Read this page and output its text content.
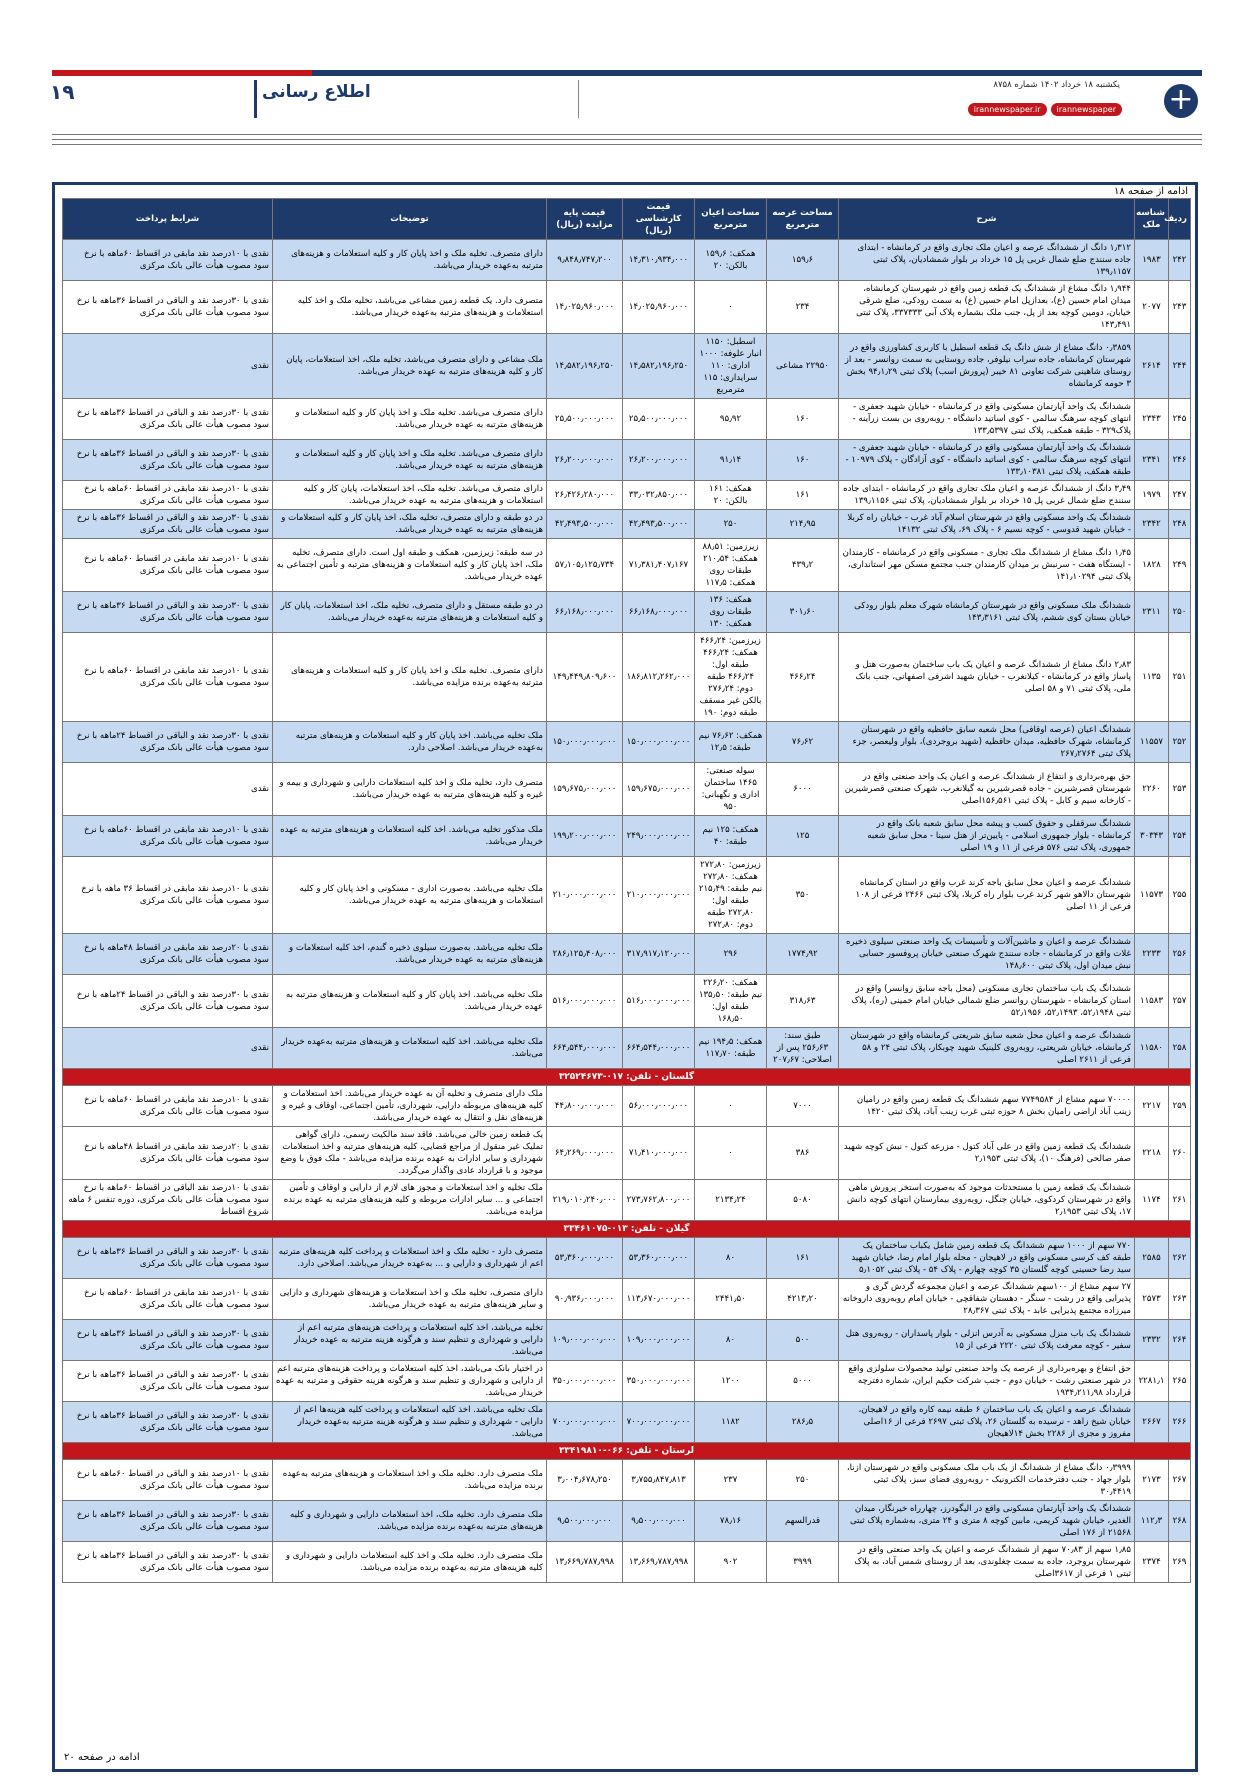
۱۹	اطلاع رسانی	یکشنبه ۱۸ خرداد ۱۴۰۲ شماره ۸۷۵۸
irannewspaper.ir	irannewspaper +
ادامه از صفحه ۱۸
ردیف	شناسه ملک	شرح	مساحت عرصه مترمربع	مساحت اعیان مترمربع	قیمت کارشناسی (ریال)	قیمت پایه مزایده (ریال)	توضیحات	شرایط پرداخت
۲۴۲	۱۹۸۳	۱٫۳۱۲ دانگ از ششدانگ عرصه و اعیان ملک تجاری واقع در کرمانشاه - ابتدای جاده سنندج ضلع شمال غربی پل ۱۵ خرداد بر بلوار شمشادیان، پلاک ثبتی ۱۳۹٫۱۱۵۷	۱۵۹٫۶	همکف: ۱۵۹٫۶ بالکن: ۲۰	۱۴٫۳۱۰٫۹۳۴٫۰۰۰	۹٫۸۴۸٫۷۴۷٫۲۰۰	دارای متصرف. تخلیه ملک و اخذ پایان کار و کلیه استعلامات و هزینه‌های مترتبه به‌عهده خریدار می‌باشد.	نقدی با ۱۰درصد نقد مابقی در اقساط ۶۰ماهه با نرخ سود مصوب هیأت عالی بانک مرکزی
۲۴۳	۲۰۷۷	۱٫۹۴۴ دانگ مشاع از ششدانگ یک قطعه زمین واقع در شهرستان کرمانشاه، میدان امام حسین (ع)، بعدازپل امام حسین (ع) به سمت رودکی، ضلع شرقی خیابان، دومین کوچه بعد از پل، جنب ملک بشماره پلاک آبی ۳۳۷۳۳۳، پلاک ثبتی ۱۴۳٫۴۹۱	۲۳۴	۰	۱۴٫۰۲۵٫۹۶۰٫۰۰۰	۱۴٫۰۲۵٫۹۶۰٫۰۰۰	متصرف دارد. یک قطعه زمین مشاعی می‌باشد، تخلیه ملک و اخذ کلیه استعلامات و هزینه‌های مترتبه به‌عهده خریدار می‌باشد.	نقدی با ۳۰درصد نقد و الباقی در اقساط ۳۶ماهه با نرخ سود مصوب هیأت عالی بانک مرکزی
۲۴۴	۲۶۱۴	۰٫۳۸۵۹ دانگ مشاع از شش دانگ یک قطعه اسطبل با کاربری کشاورزی واقع در شهرستان کرمانشاه، جاده سراب نیلوفر، جاده روستایی به سمت روانسر - بعد از روستای شاهینی شرکت تعاونی ۸۱ خیبر (پرورش اسب) پلاک ثبتی ۹۴٫۱٫۲۹ بخش ۳ حومه کرمانشاه	۲۲۹۵۰ مشاعی	اسطبل: ۱۱۵۰ انبار علوفه: ۱۰۰۰ اداری: ۱۱۰ سرایداری: ۱۱۵ مترمربع	۱۴٫۵۸۲٫۱۹۶٫۲۵۰	۱۴٫۵۸۲٫۱۹۶٫۲۵۰	ملک مشاعی و دارای متصرف می‌باشد، تخلیه ملک، اخذ استعلامات، پایان کار و کلیه هزینه‌های مترتبه به عهده خریدار می‌باشد.	نقدی
۲۴۵	۲۳۴۳	ششدانگ یک واحد آپارتمان مسکونی واقع در کرمانشاه - خیابان شهید جعفری - انتهای کوچه سرهنگ سالمی - کوی اساتید دانشگاه - روبه‌روی بن بست زرآینه - پلاک۳۲۹ - طبقه همکف، پلاک ثبتی ۱۳۳٫۵۳۹۷	۱۶۰	۹۵٫۹۲	۲۵٫۵۰۰٫۰۰۰٫۰۰۰	۲۵٫۵۰۰٫۰۰۰٫۰۰۰	دارای متصرف می‌باشد. تخلیه ملک و اخذ پایان کار و کلیه استعلامات و هزینه‌های مترتبه به عهده خریدار می‌باشد.	نقدی با ۳۰درصد نقد و الباقی در اقساط ۳۶ماهه با نرخ سود مصوب هیأت عالی بانک مرکزی
۲۴۶	۲۳۴۱	ششدانگ یک واحد آپارتمان مسکونی واقع در کرمانشاه - خیابان شهید جعفری - انتهای کوچه سرهنگ سالمی - کوی اساتید دانشگاه - کوی آزادگان - پلاک ۱۰۹۷۹ - طبقه همکف، پلاک ثبتی ۱۳۳٫۱۰۳۸۱	۱۶۰	۹۱٫۱۴	۲۶٫۲۰۰٫۰۰۰٫۰۰۰	۲۶٫۲۰۰٫۰۰۰٫۰۰۰	دارای متصرف می‌باشد. تخلیه ملک و اخذ پایان کار و کلیه استعلامات و هزینه‌های مترتبه به عهده خریدار می‌باشد.	نقدی با ۳۰درصد نقد و الباقی در اقساط ۳۶ماهه با نرخ سود مصوب هیأت عالی بانک مرکزی
۲۴۷	۱۹۷۹	۳٫۴۹ دانگ از ششدانگ عرصه و اعیان ملک تجاری واقع در کرمانشاه - ابتدای جاده سنندج ضلع شمال غربی پل ۱۵ خرداد بر بلوار شمشادیان، پلاک ثبتی ۱۳۹٫۱۱۵۶	۱۶۱	همکف: ۱۶۱ بالکن: ۲۰	۳۳٫۰۳۲٫۸۵۰٫۰۰۰	۲۶٫۴۲۶٫۲۸۰٫۰۰۰	دارای متصرف می‌باشد. تخلیه ملک، اخذ استعلامات، پایان کار و کلیه استعلامات و هزینه‌های مترتبه به عهده خریدار می‌باشد.	نقدی با ۱۰درصد نقد مابقی در اقساط ۶۰ماهه با نرخ سود مصوب هیأت عالی بانک مرکزی
۲۴۸	۲۳۴۲	ششدانگ یک واحد مسکونی واقع در شهرستان اسلام آباد غرب - خیابان راه کربلا - خیابان شهید قدوسی - کوچه نسیم ۶ - پلاک ۶۹، پلاک ثبتی ۱۴۱۳۲	۲۱۴٫۹۵	۲۵۰	۴۲٫۴۹۳٫۵۰۰٫۰۰۰	۴۲٫۴۹۳٫۵۰۰٫۰۰۰	در دو طبقه و دارای متصرف، تخلیه ملک، اخذ پایان کار و کلیه استعلامات و هزینه‌های مترتبه به عهده خریدار می‌باشد.	نقدی با ۳۰درصد نقد و الباقی در اقساط ۳۶ماهه با نرخ سود مصوب هیأت عالی بانک مرکزی
۲۴۹	۱۸۲۸	۱٫۴۵ دانگ مشاع از ششدانگ ملک تجاری - مسکونی واقع در کرمانشاه - کارمندان - ایستگاه هفت - سرنبش بر میدان کارمندان جنب مجتمع مسکن مهر استانداری، پلاک ثبتی ۱۴۱٫۱۰۲۹۴	۴۳۹٫۲	زیرزمین: ۸۸٫۵۱ همکف: ۲۱۰٫۵۴ طبقات روی همکف: ۱۱۷٫۵	۷۱٫۳۸۱٫۴۰۷٫۱۶۷	۵۷٫۱۰۵٫۱۲۵٫۷۳۴	در سه طبقه: زیرزمین، همکف و طبقه اول است. دارای متصرف، تخلیه ملک، اخذ پایان کار و کلیه استعلامات و هزینه‌های مترتبه و تأمین اجتماعی به عهده خریدار می‌باشد.	نقدی با ۱۰درصد نقد مابقی در اقساط ۶۰ماهه با نرخ سود مصوب هیأت عالی بانک مرکزی
۲۵۰	۲۳۱۱	ششدانگ ملک مسکونی واقع در شهرستان کرمانشاه شهرک معلم بلوار رودکی خیابان بستان کوی ششم، پلاک ثبتی ۱۴۳٫۳۱۶۱	۳۰۱٫۶۰	همکف: ۱۳۶ طبقات روی همکف: ۱۳۰	۶۶٫۱۶۸٫۰۰۰٫۰۰۰	۶۶٫۱۶۸٫۰۰۰٫۰۰۰	در دو طبقه مستقل و دارای متصرف، تخلیه ملک، اخذ استعلامات، پایان کار و کلیه استعلامات و هزینه‌های مترتبه به‌عهده خریدار می‌باشد.	نقدی با ۳۰درصد نقد و الباقی در اقساط ۳۶ماهه با نرخ سود مصوب هیأت عالی بانک مرکزی
۲۵۱	۱۱۳۵	۲٫۸۳ دانگ مشاع از ششدانگ عرصه و اعیان یک باب ساختمان به‌صورت هتل و پاساژ واقع در کرمانشاه - کیلانغرب - خیابان شهید اشرفی اصفهانی، جنب بانک ملی، پلاک ثبتی ۷۱ و ۵۸ اصلی	۴۶۶٫۲۴	زیرزمین: ۴۶۶٫۲۴ همکف: ۴۶۶٫۲۴ طبقه اول: ۴۶۶٫۲۴ طبقه دوم: ۲۷۶٫۲۴ بالکن غیر مسقف طبقه دوم: ۱۹۰	۱۸۶٫۸۱۲٫۲۶۲٫۰۰۰	۱۴۹٫۴۴۹٫۸۰۹٫۶۰۰	دارای متصرف. تخلیه ملک و اخذ پایان کار و کلیه استعلامات و هزینه‌های مترتبه به‌عهده برنده مزایده می‌باشد.	نقدی با ۱۰درصد نقد مابقی در اقساط ۶۰ماهه با نرخ سود مصوب هیأت عالی بانک مرکزی
۲۵۲	۱۱۵۵۷	ششدانگ اعیان (عرصه اوقافی) محل شعبه سابق حافظیه واقع در شهرستان کرمانشاه، شهرک حافظیه، میدان حافظیه (شهید بروجردی)، بلوار ولیعصر، جزء پلاک ثبتی ۲۶۷٫۲۷۶۴	۷۶٫۶۲	همکف: ۷۶٫۶۲ نیم طبقه: ۱۲٫۵	۱۵۰٫۰۰۰٫۰۰۰٫۰۰۰	۱۵۰٫۰۰۰٫۰۰۰٫۰۰۰	ملک تخلیه می‌باشد. اخذ پایان کار و کلیه استعلامات و هزینه‌های مترتبه به‌عهده خریدار می‌باشد. اصلاحی دارد.	نقدی با ۳۰درصد نقد و الباقی در اقساط ۲۴ماهه با نرخ سود مصوب هیأت عالی بانک مرکزی
۲۵۳	۲۲۶۰	حق بهره‌برداری و انتفاع از ششدانگ عرصه و اعیان یک واحد صنعتی واقع در شهرستان قصرشیرین - جاده قصرشیرین به گیلانغرب، شهرک صنعتی قصرشیرین - کارخانه سیم و کابل - پلاک ثبتی ۱۵۶٫۵۶۱اصلی	۶۰۰۰	سوله صنعتی: ۱۴۶۵ ساختمان اداری و نگهبانی: ۹۵۰	۱۵۹٫۶۷۵٫۰۰۰٫۰۰۰	۱۵۹٫۶۷۵٫۰۰۰٫۰۰۰	متصرف دارد، تخلیه ملک و اخذ کلیه استعلامات دارایی و شهرداری و بیمه و غیره و کلیه هزینه‌های مترتبه به عهده خریدار می‌باشد.	نقدی
۲۵۴	۳۰۳۴۳	ششدانگ سرقفلی و حقوق کسب و پیشه محل سابق شعبه بانک واقع در کرمانشاه - بلوار جمهوری اسلامی - پایین‌تر از هتل سینا - محل سابق شعبه جمهوری، پلاک ثبتی ۵۷۶ فرعی از ۱۱ و ۱۹ اصلی	۱۲۵	همکف: ۱۲۵ نیم طبقه: ۴۰	۲۴۹٫۰۰۰٫۰۰۰٫۰۰۰	۱۹۹٫۲۰۰٫۰۰۰٫۰۰۰	ملک مذکور تخلیه می‌باشد. اخذ کلیه استعلامات و هزینه‌های مترتبه به عهده خریدار می‌باشد.	نقدی با ۱۰درصد نقد مابقی در اقساط ۶۰ماهه با نرخ سود مصوب هیأت عالی بانک مرکزی
۲۵۵	۱۱۵۷۳	ششدانگ عرصه و اعیان محل سابق باجه کرند غرب واقع در استان کرمانشاه شهرستان دالاهو شهر کرند غرب بلوار راه کربلا، پلاک ثبتی ۲۴۶۶ فرعی از ۱۰۸ فرعی از ۱۱ اصلی	۳۵۰	زیرزمین: ۲۷۲٫۸۰ همکف: ۲۷۲٫۸۰ نیم طبقه: ۲۱۵٫۴۹ طبقه اول: ۲۷۲٫۸۰ طبقه دوم: ۲۷۲٫۸۰	۲۱۰٫۰۰۰٫۰۰۰٫۰۰۰	۲۱۰٫۰۰۰٫۰۰۰٫۰۰۰	ملک تخلیه می‌باشد. به‌صورت اداری - مسکونی و اخذ پایان کار و کلیه استعلامات و هزینه‌های مترتبه به عهده خریدار می‌باشد.	نقدی با ۱۰درصد نقد مابقی در اقساط ۳۶ ماهه با نرخ سود مصوب هیأت عالی بانک مرکزی
۲۵۶	۲۲۳۳	ششدانگ عرصه و اعیان و ماشین‌آلات و تأسیسات یک واحد صنعتی سیلوی ذخیره غلات واقع در کرمانشاه - جاده سنندج شهرک صنعتی خیابان پروفسور حسابی نبش میدان اول، پلاک ثبتی ۱۴۸٫۶۰۰	۱۷۷۴٫۹۲	۲۹۶	۳۱۷٫۹۱۷٫۱۲۰٫۰۰۰	۲۸۶٫۱۲۵٫۴۰۸٫۰۰۰	ملک تخلیه می‌باشد. به‌صورت سیلوی ذخیره گندم، اخذ کلیه استعلامات و هزینه‌های مترتبه به عهده خریدار می‌باشد.	نقدی با ۲۰درصد نقد مابقی در اقساط ۴۸ماهه با نرخ سود مصوب هیأت عالی بانک مرکزی
۲۵۷	۱۱۵۸۳	ششدانگ یک باب ساختمان تجاری مسکونی (محل باجه سابق روانسر) واقع در استان کرمانشاه - شهرستان روانسر ضلع شمالی خیابان امام خمینی (ره)، پلاک ثبتی ۵۲٫۱۹۴۸، ۵۲٫۱۴۹۳، ۵۲٫۱۹۵۶	۳۱۸٫۶۳	همکف: ۲۲۶٫۲۰ نیم طبقه: ۱۳۵٫۵۰ طبقه اول: ۱۶۸٫۵۰	۵۱۶٫۰۰۰٫۰۰۰٫۰۰۰	۵۱۶٫۰۰۰٫۰۰۰٫۰۰۰	ملک تخلیه می‌باشد. اخذ پایان کار و کلیه استعلامات و هزینه‌های مترتبه به عهده خریدار می‌باشد.	نقدی با ۳۰درصد نقد و الباقی در اقساط ۲۴ماهه با نرخ سود مصوب هیأت عالی بانک مرکزی
۲۵۸	۱۱۵۸۰	ششدانگ عرصه و اعیان محل شعبه سابق شریعتی کرمانشاه واقع در شهرستان کرمانشاه، خیابان شریعتی، روبه‌روی کلینیک شهید چوبکار، پلاک ثبتی ۲۴ و ۵۸ فرعی از ۲۶۱۱ اصلی	طبق سند: ۲۵۶٫۶۳ پس از اصلاحی: ۲۰۷٫۶۷	همکف: ۱۹۴٫۵ نیم طبقه: ۱۱۷٫۷۰	۶۶۴٫۵۴۴٫۰۰۰٫۰۰۰	۶۶۴٫۵۴۴٫۰۰۰٫۰۰۰	ملک تخلیه می‌باشد. اخذ کلیه استعلامات و هزینه‌های مترتبه به‌عهده خریدار می‌باشد.	نقدی
گلستان - تلفن: ۰۱۷-۳۲۵۲۴۶۷۳								
۲۵۹	۲۲۱۷	۷۰۰۰۰ سهم مشاع از ۷۷۴۹۵۸۴ سهم ششدانگ یک قطعه زمین واقع در رامیان زینب آباد اراضی رامیان بخش ۸ حوزه ثبتی غرب زینب آباد، پلاک ثبتی ۱۴۲۰	۷۰۰۰	۰	۵۶٫۰۰۰٫۰۰۰٫۰۰۰	۴۴٫۸۰۰٫۰۰۰٫۰۰۰	ملک دارای متصرف و تخلیه آن به عهده خریدار می‌باشد. اخذ استعلامات و کلیه هزینه‌های مربوطه دارایی، شهرداری، تأمین اجتماعی، اوقاف و غیره و هزینه‌های نقل و انتقال به عهده خریدار می‌باشد.	نقدی با ۱۰درصد نقد مابقی در اقساط ۶۰ماهه با نرخ سود مصوب هیأت عالی بانک مرکزی
۲۶۰	۲۲۱۸	ششدانگ یک قطعه زمین واقع در علی آباد کتول - مزرعه کتول - نبش کوچه شهید صفر صالحی (فرهنگ ۱۰)، پلاک ثبتی ۲٫۱۹۵۳	۳۸۶	۰	۷۱٫۴۱۰٫۰۰۰٫۰۰۰	۶۴٫۲۶۹٫۰۰۰٫۰۰۰	یک قطعه زمین خالی می‌باشد. فاقد سند مالکیت رسمی، دارای گواهی تملیک غیر منقول از مراجع قضایی، کلیه هزینه‌های مترتبه و اخذ استعلامات شهرداری و سایر ادارات به عهده برنده مزایده می‌باشد - ملک فوق با وضع موجود و با قرارداد عادی واگذار می‌گردد.	نقدی با ۲۰درصد نقد مابقی در اقساط ۴۸ماهه با نرخ سود مصوب هیأت عالی بانک مرکزی
۲۶۱	۱۱۷۴	ششدانگ یک قطعه زمین با مستحدثات موجود که به‌صورت استخر پرورش ماهی واقع در شهرستان کردکوی، خیابان جنگل، روبه‌روی بیمارستان انتهای کوچه دانش ۱۷، پلاک ثبتی ۲٫۱۹۵۳	۵۰۸۰	۲۱۳۴٫۲۴	۲۷۳٫۷۶۲٫۸۰۰٫۰۰۰	۲۱۹٫۰۱۰٫۲۴۰٫۰۰۰	ملک تخلیه و اخذ استعلامات و مجوز های لازم از دارایی و اوقاف و تأمین اجتماعی و ... سایر ادارات مربوطه و کلیه هزینه‌های مترتبه به عهده برنده مزایده می‌باشد.	نقدی با ۱۰درصد نقد الباقی در اقساط ۶۰ماهه با نرخ سود مصوب هیأت عالی بانک مرکزی، دوره تنفس ۶ ماهه شروع اقساط
گیلان - تلفن: ۰۱۳-۳۳۴۶۱۰۷۵								
۲۶۲	۲۵۸۵	۷۷۰ سهم از ۱۰۰۰ سهم ششدانگ یک قطعه زمین شامل یکباب ساختمان یک طبقه کف کرسی مسکونی واقع در لاهیجان - محله بلوار امام رضا، خیابان شهید سید رضا حسینی کوچه گلستان ۳۵ کوچه چهارم - پلاک ۵۴ - پلاک ثبتی ۵٫۱۰۵۲	۱۶۱	۸۰	۵۳٫۳۶۰٫۰۰۰٫۰۰۰	۵۳٫۳۶۰٫۰۰۰٫۰۰۰	متصرف دارد - تخلیه ملک و اخذ استعلامات و پرداخت کلیه هزینه‌های مترتبه اعم از شهرداری و دارایی و ... به‌عهده خریدار می‌باشد. اصلاحی دارد.	نقدی با ۳۰درصد نقد و الباقی در اقساط ۳۶ماهه با نرخ سود مصوب هیأت عالی بانک مرکزی
۲۶۳	۲۵۷۳	۲۷ سهم مشاع از ۱۰۰سهم ششدانگ عرصه و اعیان مجموعه گردش گری و پذیرایی واقع در رشت - سنگر - دهستان شفاقچی - خیابان امام روبه‌روی داروخانه میرزاده مجتمع پذیرایی عابد - پلاک ثبتی ۲۸٫۳۶۷	۴۲۱۳٫۲۰	۲۴۴۱٫۵۰	۱۱۳٫۶۷۰٫۰۰۰٫۰۰۰	۹۰٫۹۳۶٫۰۰۰٫۰۰۰	دارای متصرف، تخلیه ملک و اخذ استعلامات و هزینه‌های شهرداری و دارایی و سایر هزینه‌های مترتبه به عهده خریدار می‌باشد.	نقدی با ۱۰درصد نقد مابقی در اقساط ۶۰ماهه با نرخ سود مصوب هیأت عالی بانک مرکزی
۲۶۴	۲۳۳۲	ششدانگ یک باب منزل مسکونی به آدرس انزلی - بلوار پاسداران - روبه‌روی هتل سفیر - کوچه معرفت پلاک ثبتی ۲۲۲۰ فرعی از ۱۵	۵۰۰	۸۰	۱۰۹٫۰۰۰٫۰۰۰٫۰۰۰	۱۰۹٫۰۰۰٫۰۰۰٫۰۰۰	تخلیه می‌باشد، اخذ کلیه استعلامات و پرداخت هزینه‌های مترتبه اعم از دارایی و شهرداری و تنظیم سند و هرگونه هزینه مترتبه به عهده خریدار می‌باشد.	نقدی با ۳۰درصد نقد و الباقی در اقساط ۳۶ماهه با نرخ سود مصوب هیأت عالی بانک مرکزی
۲۶۵	۲۲۸۱٫۱	حق انتفاع و بهره‌برداری از عرصه یک واحد صنعتی تولید محصولات سلولزی واقع در شهر صنعتی رشت - خیابان دوم - جنب شرکت حکیم ایران، شماره دفترچه قرارداد ۱۹۳۴٫۲۱۱٫۹۸	۵۰۰۰	۱۲۰۰	۳۵۰٫۰۰۰٫۰۰۰٫۰۰۰	۳۵۰٫۰۰۰٫۰۰۰٫۰۰۰	در اختیار بانک می‌باشد، اخذ کلیه استعلامات و پرداخت هزینه‌های مترتبه اعم از دارایی و شهرداری و تنظیم سند و هرگونه هزینه حقوقی و مترتبه به عهده خریدار می‌باشد.	نقدی با ۳۰درصد نقد و الباقی در اقساط ۳۶ماهه با نرخ سود مصوب هیأت عالی بانک مرکزی
۲۶۶	۲۶۶۷	ششدانگ عرصه و اعیان یک باب ساختمان ۶ طبقه نیمه کاره واقع در لاهیجان، خیابان شیخ زاهد - نرسیده به گلستان ۲۶، پلاک ثبتی ۲۶۹۷ فرعی از ۱۶اصلی مفروز و مجزی از ۲۲۸۶ بخش ۱۴لاهیجان	۲۸۶٫۵	۱۱۸۲	۷۰۰٫۰۰۰٫۰۰۰٫۰۰۰	۷۰۰٫۰۰۰٫۰۰۰٫۰۰۰	ملک تخلیه می‌باشد. اخذ کلیه استعلامات و پرداخت کلیه هزینه‌ها اعم از دارایی - شهرداری و تنظیم سند و هرگونه هزینه مترتبه به‌عهده خریدار می‌باشد.	نقدی با ۳۰درصد نقد و الباقی در اقساط ۳۶ماهه با نرخ سود مصوب هیأت عالی بانک مرکزی
لرستان - تلفن: ۰۶۶-۳۳۴۱۹۸۱۰								
۲۶۷	۲۱۷۳	۰٫۳۹۹۹ دانگ مشاع از ششدانگ از یک باب ملک مسکونی واقع در شهرستان ازنا، بلوار جهاد - جنب دفترخدمات الکترونیک - روبه‌روی فضای سبز، پلاک ثبتی ۳۰٫۴۴۱۹	۲۵۰	۲۳۷	۳٫۷۵۵٫۸۴۷٫۸۱۳	۳٫۰۰۴٫۶۷۸٫۲۵۰	ملک متصرف دارد. تخلیه ملک و اخذ استعلامات و هزینه‌های مترتبه به‌عهده برنده مزایده می‌باشد.	نقدی با ۱۰درصد نقد و الباقی در اقساط ۶۰ماهه با نرخ سود مصوب هیأت عالی بانک مرکزی
۲۶۸	۱۱۲٫۳	ششدانگ یک واحد آپارتمان مسکونی واقع در الیگودرز، چهارراه خیرنگار، میدان الغدیر، خیابان شهید کریمی، مابین کوچه ۸ متری و ۲۴ متری، به‌شماره پلاک ثبتی ۲۱۵۶۸ از ۱۷۶ اصلی	قدرالسهم	۷۸٫۱۶	۹٫۵۰۰٫۰۰۰٫۰۰۰	۹٫۵۰۰٫۰۰۰٫۰۰۰	ملک متصرف دارد. تخلیه ملک، اخذ استعلامات دارایی و شهرداری و کلیه هزینه‌های مترتبه به‌عهده برنده مزایده می‌باشد.	نقدی با ۳۰درصد نقد و الباقی در اقساط ۳۶ماهه با نرخ سود مصوب هیأت عالی بانک مرکزی
۲۶۹	۲۳۷۴	۱٫۸۵ سهم از ۷۰٫۸۳ سهم از ششدانگ عرصه و اعیان یک واحد صنعتی واقع در شهرستان بروجرد، جاده به سمت چغلوندی، بعد از روستای شمس آباد، به پلاک ثبتی ۱ فرعی از ۳۶۱۷اصلی	۳۹۹۹	۹۰۲	۱۳٫۶۶۹٫۷۸۷٫۹۹۸	۱۳٫۶۶۹٫۷۸۷٫۹۹۸	ملک متصرف دارد. تخلیه ملک و اخذ کلیه استعلامات دارایی و شهرداری و کلیه هزینه‌های مترتبه به‌عهده برنده مزایده می‌باشد.	نقدی با ۳۰درصد نقد و الباقی در اقساط ۳۶ماهه با نرخ سود مصوب هیأت عالی بانک مرکزی
ادامه در صفحه ۲۰
